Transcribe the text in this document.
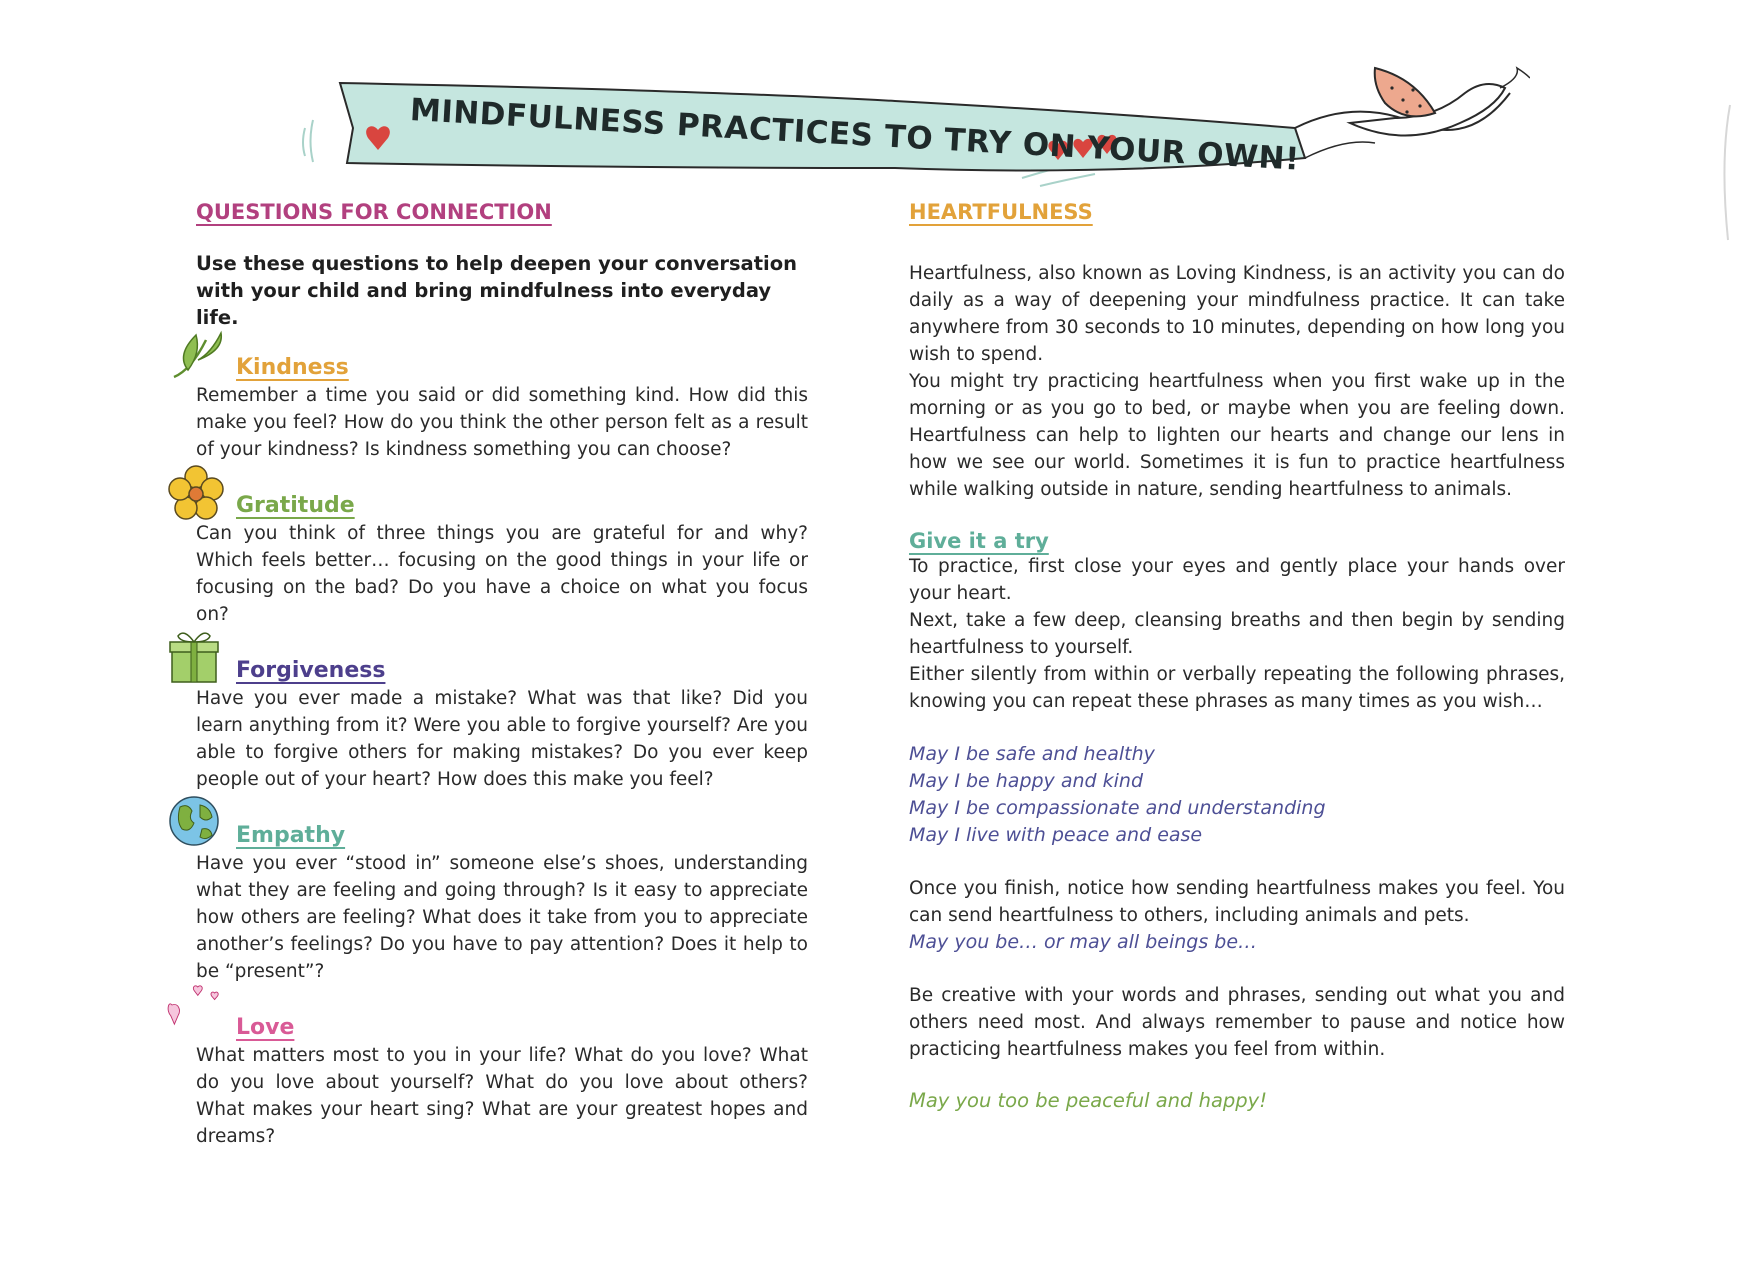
MINDFULNESS PRACTICES TO TRY ON YOUR OWN!
QUESTIONS FOR CONNECTION

Use these questions to help deepen your conversation with your child and bring mindfulness into everyday life.

Kindness

Remember a time you said or did something kind. How did this make you feel? How do you think the other person felt as a result of your kindness? Is kindness something you can choose?

Gratitude

Can you think of three things you are grateful for and why? Which feels better… focusing on the good things in your life or focusing on the bad? Do you have a choice on what you focus on?

Forgiveness

Have you ever made a mistake? What was that like? Did you learn anything from it? Were you able to forgive yourself? Are you able to forgive others for making mistakes? Do you ever keep people out of your heart? How does this make you feel?

Empathy

Have you ever “stood in” someone else’s shoes, understanding what they are feeling and going through? Is it easy to appreciate how others are feeling? What does it take from you to appreciate another’s feelings? Do you have to pay attention? Does it help to be “present”?

Love

What matters most to you in your life? What do you love? What do you love about yourself? What do you love about others? What makes your heart sing? What are your greatest hopes and dreams?

HEARTFULNESS

Heartfulness, also known as Loving Kindness, is an activity you can do daily as a way of deepening your mindfulness practice. It can take anywhere from 30 seconds to 10 minutes, depending on how long you wish to spend.

You might try practicing heartfulness when you first wake up in the morning or as you go to bed, or maybe when you are feeling down. Heartfulness can help to lighten our hearts and change our lens in how we see our world. Sometimes it is fun to practice heartfulness while walking outside in nature, sending heartfulness to animals.

Give it a try

To practice, first close your eyes and gently place your hands over your heart.

Next, take a few deep, cleansing breaths and then begin by sending heartfulness to yourself.

Either silently from within or verbally repeating the following phrases, knowing you can repeat these phrases as many times as you wish…

May I be safe and healthy

May I be happy and kind

May I be compassionate and understanding

May I live with peace and ease

Once you finish, notice how sending heartfulness makes you feel. You can send heartfulness to others, including animals and pets.

May you be… or may all beings be…

Be creative with your words and phrases, sending out what you and others need most. And always remember to pause and notice how practicing heartfulness makes you feel from within.

May you too be peaceful and happy!
